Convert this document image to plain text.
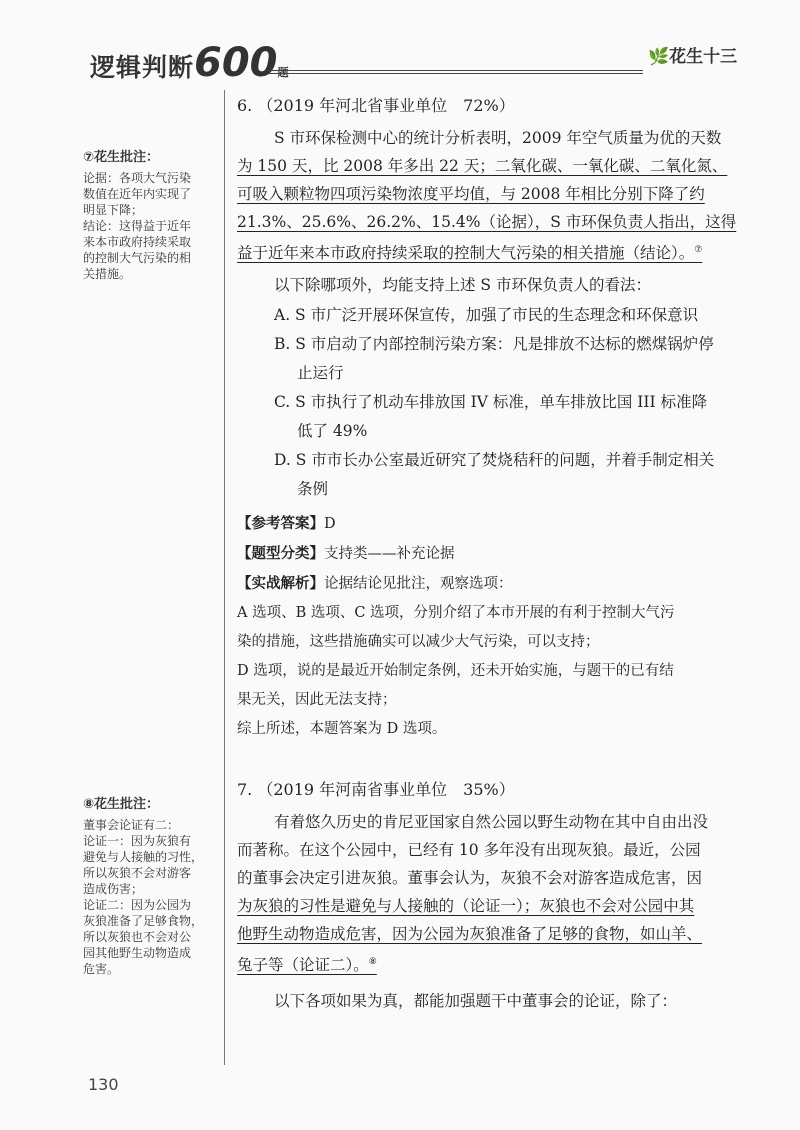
逻辑判断600题
🌿花生十三
⑦花生批注：

论据：各项大气污染

数值在近年内实现了

明显下降；

结论：这得益于近年

来本市政府持续采取

的控制大气污染的相

关措施。

6. （2019 年河北省事业单位　72%）
S 市环保检测中心的统计分析表明，2009 年空气质量为优的天数
为 150 天，比 2008 年多出 22 天；二氧化碳、一氧化碳、二氧化氮、
可吸入颗粒物四项污染物浓度平均值，与 2008 年相比分别下降了约
21.3%、25.6%、26.2%、15.4%（论据），S 市环保负责人指出，这得
益于近年来本市政府持续采取的控制大气污染的相关措施（结论）。⑦
以下除哪项外，均能支持上述 S 市环保负责人的看法：
A. S 市广泛开展环保宣传，加强了市民的生态理念和环保意识
B. S 市启动了内部控制污染方案：凡是排放不达标的燃煤锅炉停
止运行
C. S 市执行了机动车排放国 IV 标准，单车排放比国 III 标准降
低了 49%
D. S 市市长办公室最近研究了焚烧秸秆的问题，并着手制定相关
条例
【参考答案】D
【题型分类】支持类——补充论据
【实战解析】论据结论见批注，观察选项：
A 选项、B 选项、C 选项，分别介绍了本市开展的有利于控制大气污
染的措施，这些措施确实可以减少大气污染，可以支持；
D 选项，说的是最近开始制定条例，还未开始实施，与题干的已有结
果无关，因此无法支持；
综上所述，本题答案为 D 选项。
⑧花生批注：

董事会论证有二：

论证一：因为灰狼有

避免与人接触的习性，

所以灰狼不会对游客

造成伤害；

论证二：因为公园为

灰狼准备了足够食物，

所以灰狼也不会对公

园其他野生动物造成

危害。

7. （2019 年河南省事业单位　35%）
有着悠久历史的肯尼亚国家自然公园以野生动物在其中自由出没
而著称。在这个公园中，已经有 10 多年没有出现灰狼。最近，公园
的董事会决定引进灰狼。董事会认为，灰狼不会对游客造成危害，因
为灰狼的习性是避免与人接触的（论证一）；灰狼也不会对公园中其
他野生动物造成危害，因为公园为灰狼准备了足够的食物，如山羊、
兔子等（论证二）。⑧
以下各项如果为真，都能加强题干中董事会的论证，除了：
130
